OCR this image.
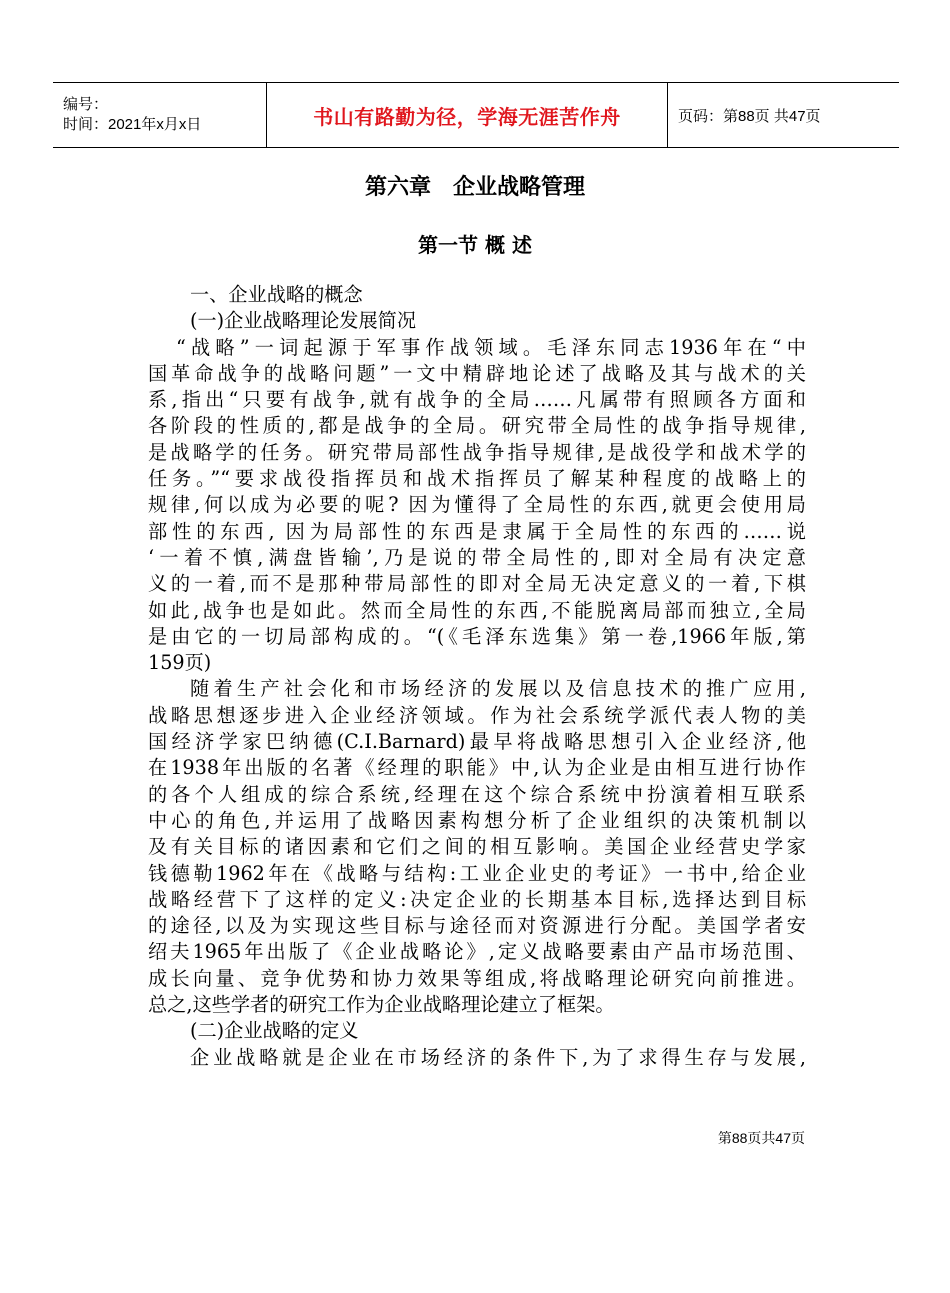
编号：
时间：2021年x月x日	书山有路勤为径，学海无涯苦作舟	页码：第88页 共47页
第六章　企业战略管理
第一节 概 述
一、企业战略的概念
(一)企业战略理论发展简况
“战略”一词起源于军事作战领域。毛泽东同志1936年在“中
国革命战争的战略问题”一文中精辟地论述了战略及其与战术的关
系,指出“只要有战争,就有战争的全局……凡属带有照顾各方面和
各阶段的性质的,都是战争的全局。研究带全局性的战争指导规律,
是战略学的任务。研究带局部性战争指导规律,是战役学和战术学的
任务。”“要求战役指挥员和战术指挥员了解某种程度的战略上的
规律,何以成为必要的呢? 因为懂得了全局性的东西,就更会使用局
部性的东西, 因为局部性的东西是隶属于全局性的东西的……说
‘一着不慎,满盘皆输’,乃是说的带全局性的,即对全局有决定意
义的一着,而不是那种带局部性的即对全局无决定意义的一着,下棋
如此,战争也是如此。然而全局性的东西,不能脱离局部而独立,全局
是由它的一切局部构成的。“(《毛泽东选集》第一卷,1966年版,第
159页)
随着生产社会化和市场经济的发展以及信息技术的推广应用,
战略思想逐步进入企业经济领域。作为社会系统学派代表人物的美
国经济学家巴纳德(C.I.Barnard)最早将战略思想引入企业经济,他
在1938年出版的名著《经理的职能》中,认为企业是由相互进行协作
的各个人组成的综合系统,经理在这个综合系统中扮演着相互联系
中心的角色,并运用了战略因素构想分析了企业组织的决策机制以
及有关目标的诸因素和它们之间的相互影响。美国企业经营史学家
钱德勒1962年在《战略与结构:工业企业史的考证》一书中,给企业
战略经营下了这样的定义:决定企业的长期基本目标,选择达到目标
的途径,以及为实现这些目标与途径而对资源进行分配。美国学者安
绍夫1965年出版了《企业战略论》,定义战略要素由产品市场范围、
成长向量、竞争优势和协力效果等组成,将战略理论研究向前推进。
总之,这些学者的研究工作为企业战略理论建立了框架。
(二)企业战略的定义
企业战略就是企业在市场经济的条件下,为了求得生存与发展,
第88页共47页
